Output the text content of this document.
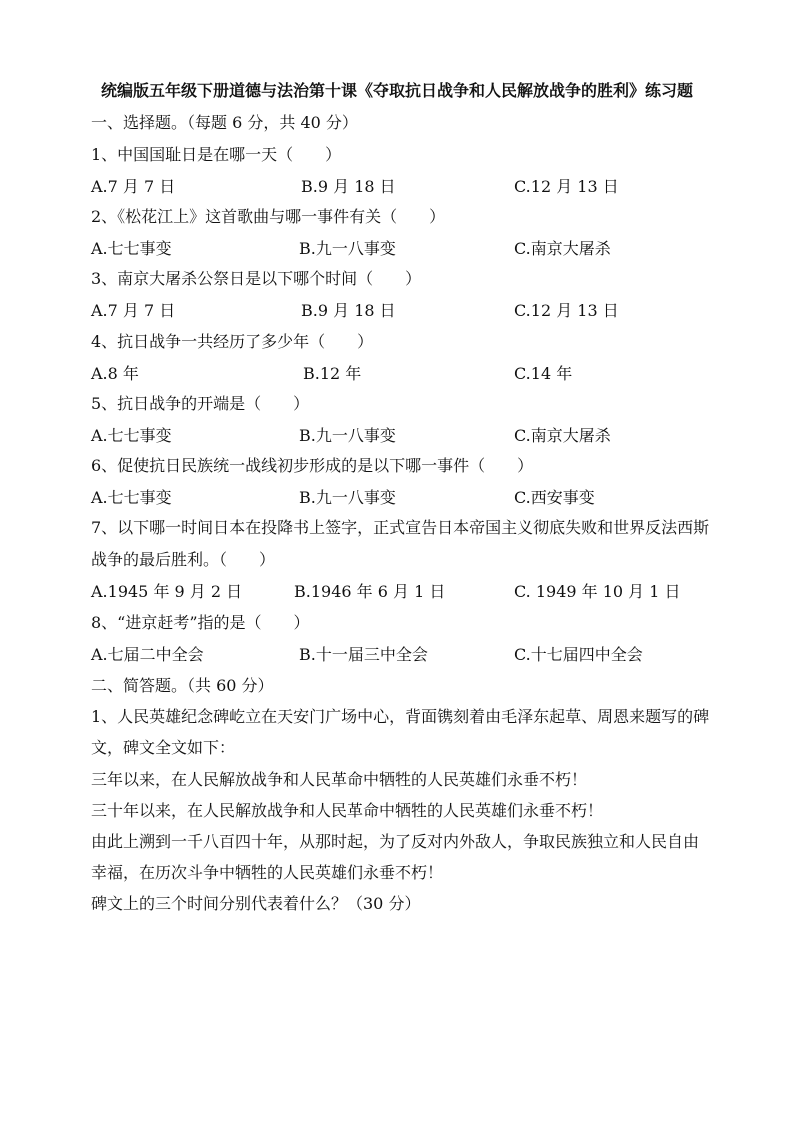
统编版五年级下册道德与法治第十课《夺取抗日战争和人民解放战争的胜利》练习题
一、选择题。（每题 6 分，共 40 分）
1、中国国耻日是在哪一天（　　）
A.7 月 7 日	B.9 月 18 日	C.12 月 13 日
2、《松花江上》这首歌曲与哪一事件有关（　　）
A.七七事变	B.九一八事变	C.南京大屠杀
3、南京大屠杀公祭日是以下哪个时间（　　）
A.7 月 7 日	B.9 月 18 日	C.12 月 13 日
4、抗日战争一共经历了多少年（　　）
A.8 年	B.12 年	C.14 年
5、抗日战争的开端是（　　）
A.七七事变	B.九一八事变	C.南京大屠杀
6、促使抗日民族统一战线初步形成的是以下哪一事件（　　）
A.七七事变	B.九一八事变	C.西安事变
7、以下哪一时间日本在投降书上签字，正式宣告日本帝国主义彻底失败和世界反法西斯
战争的最后胜利。（　　）
A.1945 年 9 月 2 日	B.1946 年 6 月 1 日	C. 1949 年 10 月 1 日
8、“进京赶考”指的是（　　）
A.七届二中全会	B.十一届三中全会	C.十七届四中全会
二、简答题。（共 60 分）
1、人民英雄纪念碑屹立在天安门广场中心，背面镌刻着由毛泽东起草、周恩来题写的碑
文，碑文全文如下：
三年以来，在人民解放战争和人民革命中牺牲的人民英雄们永垂不朽！
三十年以来，在人民解放战争和人民革命中牺牲的人民英雄们永垂不朽！
由此上溯到一千八百四十年，从那时起，为了反对内外敌人，争取民族独立和人民自由
幸福，在历次斗争中牺牲的人民英雄们永垂不朽！
碑文上的三个时间分别代表着什么？（30 分）
